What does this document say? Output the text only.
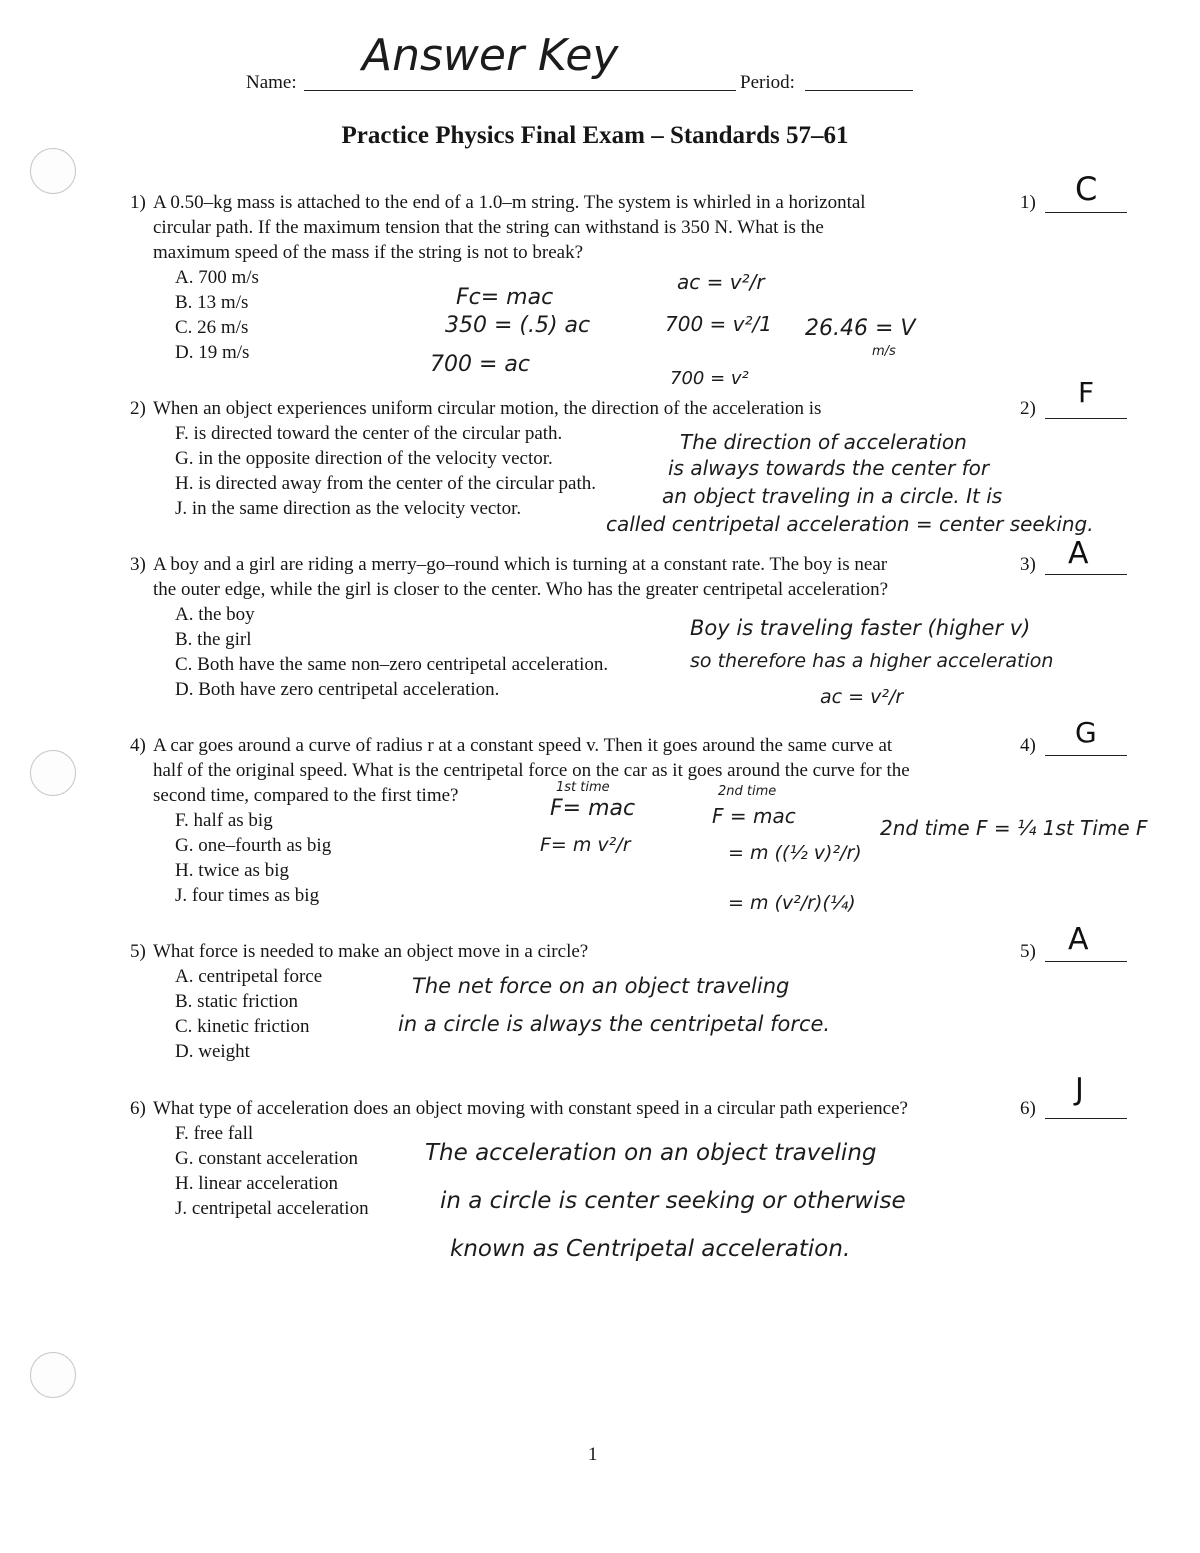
Name:
Answer Key
Period:
Practice Physics Final Exam – Standards 57–61
1) A 0.50–kg mass is attached to the end of a 1.0–m string. The system is whirled in a horizontal
circular path. If the maximum tension that the string can withstand is 350 N. What is the
maximum speed of the mass if the string is not to break?
A. 700 m/s
B. 13 m/s
C. 26 m/s
D. 19 m/s
1) C
Fc= mac
350 = (.5) ac
700 = ac
ac = v²/r
700 = v²/1
700 = v²
26.46 = V
m/s
2) When an object experiences uniform circular motion, the direction of the acceleration is
F. is directed toward the center of the circular path.
G. in the opposite direction of the velocity vector.
H. is directed away from the center of the circular path.
J. in the same direction as the velocity vector.
2) F
The direction of acceleration
is always towards the center for
an object traveling in a circle. It is
called centripetal acceleration = center seeking.
3) A boy and a girl are riding a merry–go–round which is turning at a constant rate. The boy is near
the outer edge, while the girl is closer to the center. Who has the greater centripetal acceleration?
A. the boy
B. the girl
C. Both have the same non–zero centripetal acceleration.
D. Both have zero centripetal acceleration.
3) A
Boy is traveling faster (higher v)
so therefore has a higher acceleration
ac = v²/r
4) A car goes around a curve of radius r at a constant speed v. Then it goes around the same curve at
half of the original speed. What is the centripetal force on the car as it goes around the curve for the
second time, compared to the first time?
F. half as big
G. one–fourth as big
H. twice as big
J. four times as big
4) G
1st time
F= mac
F= m v²/r
2nd time
F = mac
= m ((½ v)²/r)
= m (v²/r)(¼)
2nd time F = ¼ 1st Time F
5) What force is needed to make an object move in a circle?
A. centripetal force
B. static friction
C. kinetic friction
D. weight
5) A
The net force on an object traveling
in a circle is always the centripetal force.
6) What type of acceleration does an object moving with constant speed in a circular path experience?
F. free fall
G. constant acceleration
H. linear acceleration
J. centripetal acceleration
6)
J
The acceleration on an object traveling
in a circle is center seeking or otherwise
known as Centripetal acceleration.
1
